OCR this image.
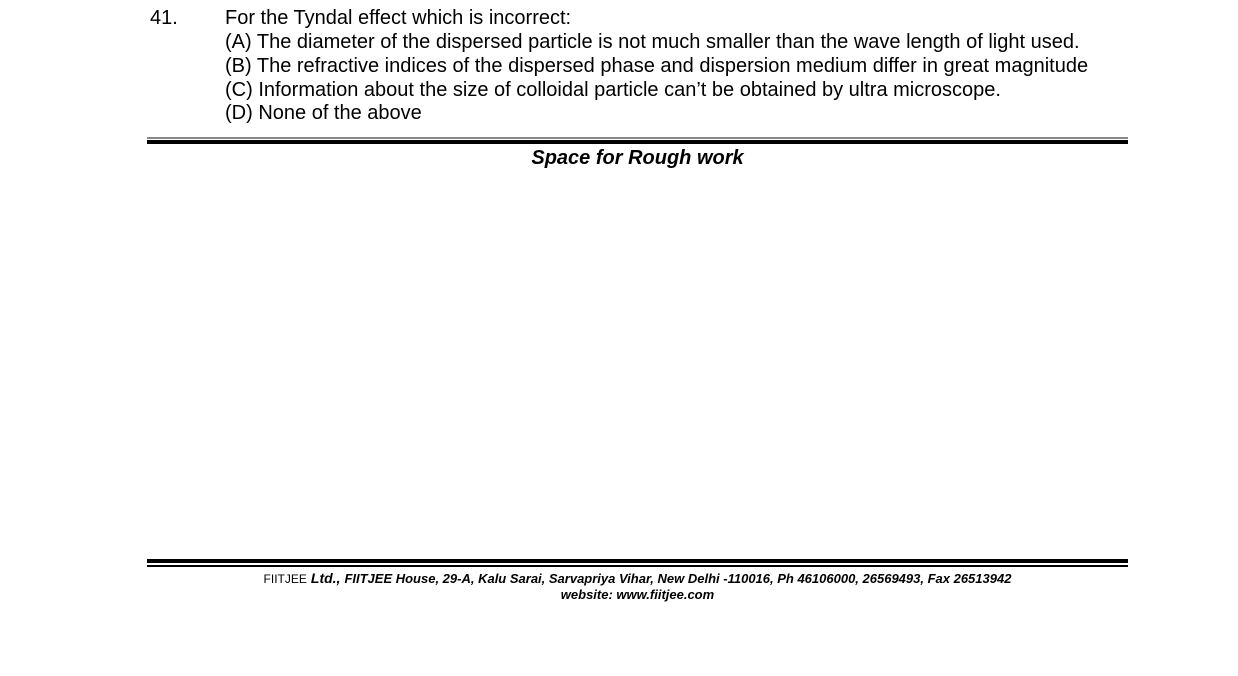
41. For the Tyndal effect which is incorrect:
(A) The diameter of the dispersed particle is not much smaller than the wave length of light used.
(B) The refractive indices of the dispersed phase and dispersion medium differ in great magnitude
(C) Information about the size of colloidal particle can’t be obtained by ultra microscope.
(D) None of the above
Space for Rough work
FIITJEE Ltd., FIITJEE House, 29-A, Kalu Sarai, Sarvapriya Vihar, New Delhi -110016, Ph 46106000, 26569493, Fax 26513942
website: www.fiitjee.com
